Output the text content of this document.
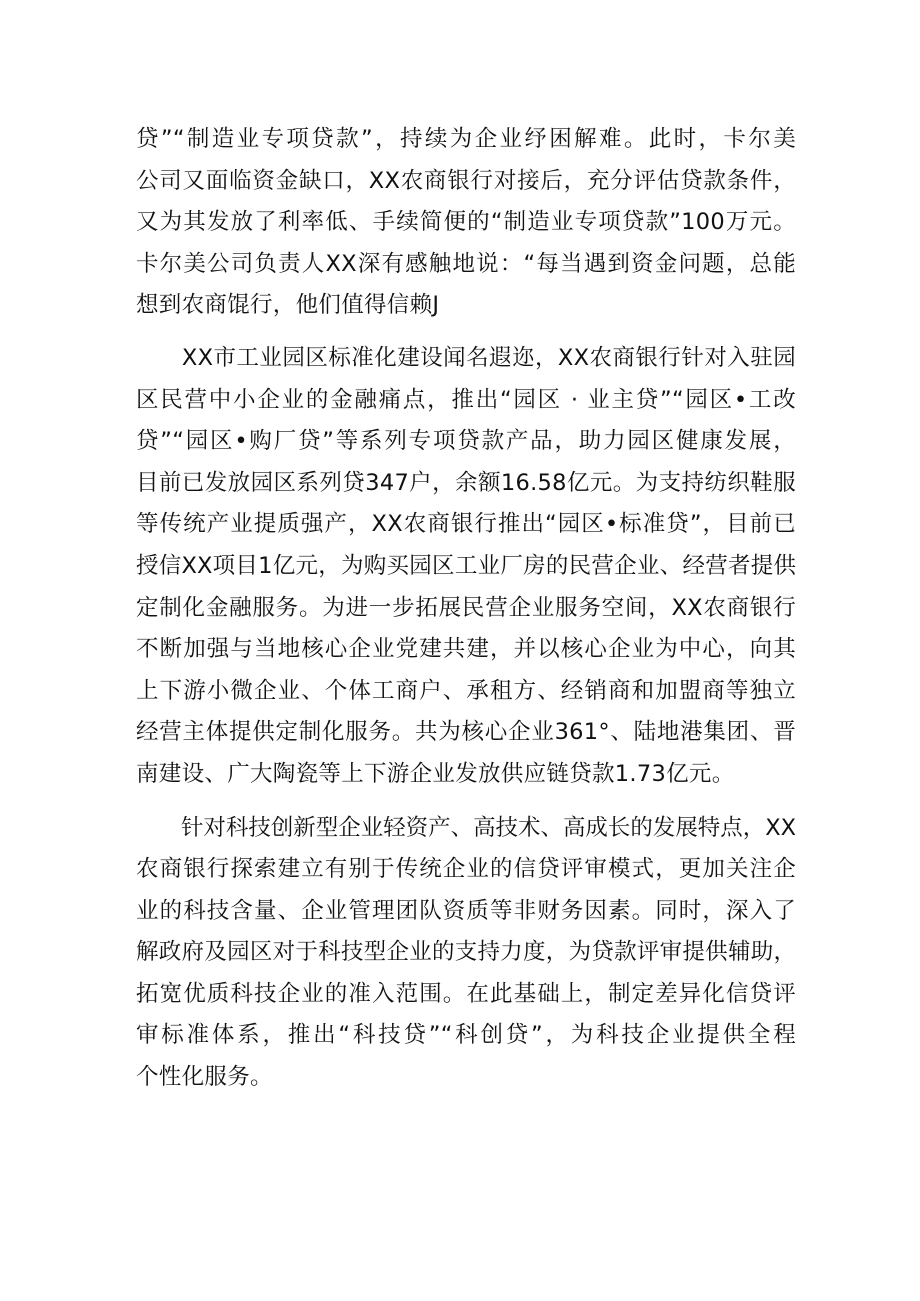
贷”“制造业专项贷款”，持续为企业纾困解难。此时，卡尔美
公司又面临资金缺口，XX农商银行对接后，充分评估贷款条件，
又为其发放了利率低、手续简便的“制造业专项贷款”100万元。
卡尔美公司负责人XX深有感触地说：“每当遇到资金问题，总能
想到农商馄行，他们值得信赖J

　　XX市工业园区标准化建设闻名遐迩，XX农商银行针对入驻园
区民营中小企业的金融痛点，推出“园区 · 业主贷”“园区•工改
贷”“园区•购厂贷”等系列专项贷款产品，助力园区健康发展，
目前已发放园区系列贷347户，余额16.58亿元。为支持纺织鞋服
等传统产业提质强产，XX农商银行推出“园区•标准贷”，目前已
授信XX项目1亿元，为购买园区工业厂房的民营企业、经营者提供
定制化金融服务。为进一步拓展民营企业服务空间，XX农商银行
不断加强与当地核心企业党建共建，并以核心企业为中心，向其
上下游小微企业、个体工商户、承租方、经销商和加盟商等独立
经营主体提供定制化服务。共为核心企业361°、陆地港集团、晋
南建设、广大陶瓷等上下游企业发放供应链贷款1.73亿元。

　　针对科技创新型企业轻资产、高技术、高成长的发展特点，XX
农商银行探索建立有别于传统企业的信贷评审模式，更加关注企
业的科技含量、企业管理团队资质等非财务因素。同时，深入了
解政府及园区对于科技型企业的支持力度，为贷款评审提供辅助，
拓宽优质科技企业的准入范围。在此基础上，制定差异化信贷评
审标准体系，推出“科技贷”“科创贷”，为科技企业提供全程
个性化服务。
